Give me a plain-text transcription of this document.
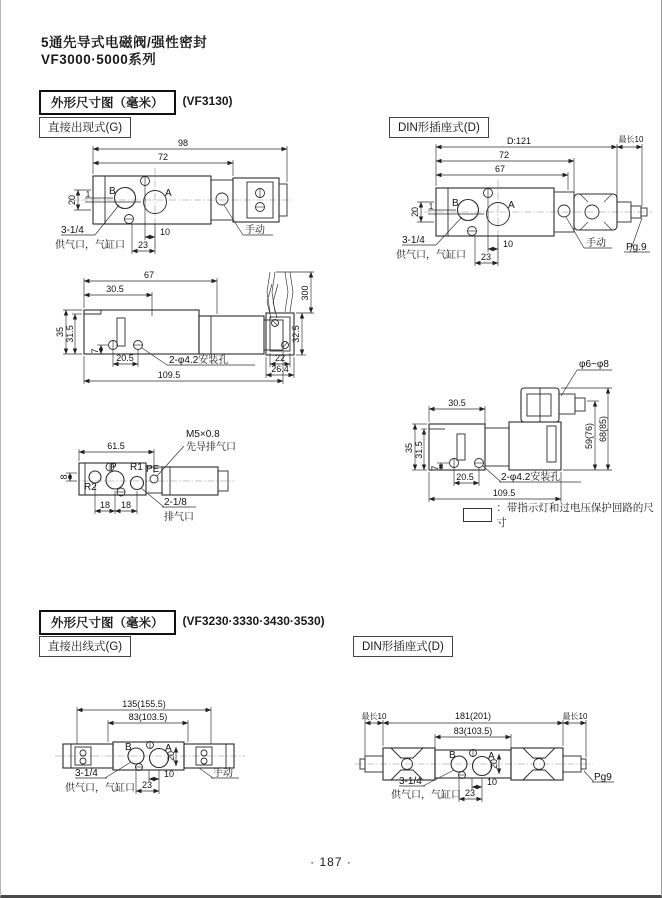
5通先导式电磁阀/强性密封
VF3000·5000系列
外形尺寸图（毫米） (VF3130)
直接出现式(G)	DIN形插座式(D)
98
72
20
1
10
23
B	A
3-1/4
供气口，气缸口
手动
D:121	最长10
72
67
20
1
10
23
B	A
3-1/4
供气口，气缸口
手动 Pg.9
67
30.5
35 31.5
7
20.5	2-φ4.2安装孔
109.5
300
32.5
22
26.4
61.5
8
18 18
R2
P R1 PE
M5×0.8
先导排气口
2-1/8
排气口
φ6~φ8
30.5
35 31.5
7
20.5	2-φ4.2安装孔
109.5
59(76) 68(85)
：带指示灯和过电压保护回路的尺寸
外形尺寸图（毫米） (VF3230·3330·3430·3530)
直接出线式(G)	DIN形插座式(D)
135(155.5)
83(103.5)
20
10
23
B	A
3-1/4
供气口，气缸口
手动
最长10	181(201)	最长10
83(103.5)
20
10
23
B	A
3-1/4
供气口，气缸口
Pg9
· 187 ·
